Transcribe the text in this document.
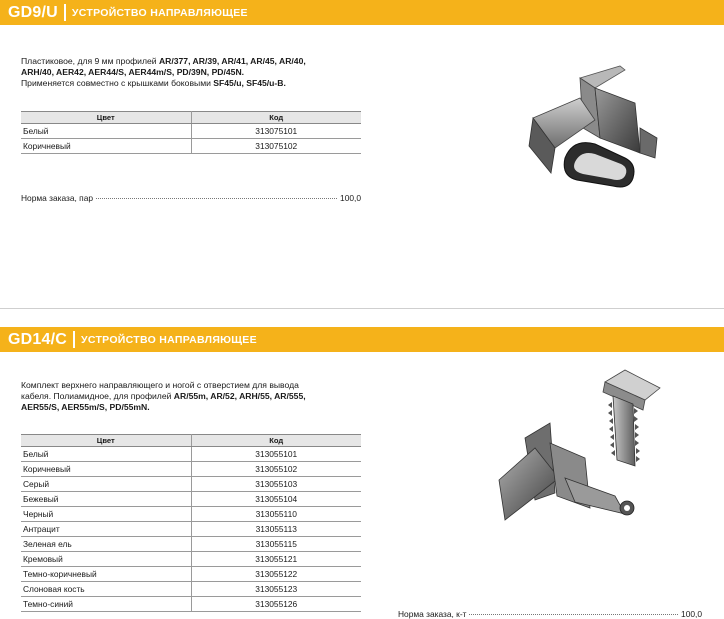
GD9/U УСТРОЙСТВО НАПРАВЛЯЮЩЕЕ
Пластиковое, для 9 мм профилей AR/377, AR/39, AR/41, AR/45, AR/40,
ARH/40, AER42, AER44/S, AER44m/S, PD/39N, PD/45N.
Применяется совместно с крышками боковыми SF45/u, SF45/u-B.
Цвет	Код
Белый	313075101
Коричневый	313075102
Норма заказа, пар	100,0
GD14/C УСТРОЙСТВО НАПРАВЛЯЮЩЕЕ
Комплект верхнего направляющего и ногой с отверстием для вывода
кабеля. Полиамидное, для профилей AR/55m, AR/52, ARH/55, AR/555,
AER55/S, AER55m/S, PD/55mN.
Цвет	Код
Белый	313055101
Коричневый	313055102
Серый	313055103
Бежевый	313055104
Черный	313055110
Антрацит	313055113
Зеленая ель	313055115
Кремовый	313055121
Темно-коричневый	313055122
Слоновая кость	313055123
Темно-синий	313055126
Норма заказа, к-т	100,0
